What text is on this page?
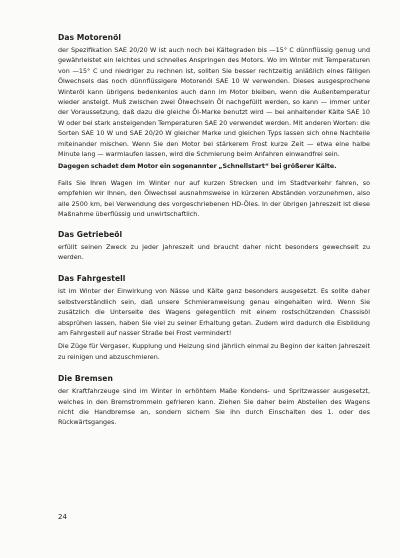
Das Motorenöl

der Spezifikation SAE 20/20 W ist auch noch bei Kältegraden bis —15° C dünnflüssig genug und gewährleistet ein leichtes und schnelles Anspringen des Motors. Wo im Winter mit Temperaturen von —15° C und niedriger zu rechnen ist, sollten Sie besser rechtzeitig anläßlich eines fälligen Ölwechsels das noch dünnflüssigere Motorenöl SAE 10 W verwenden. Dieses ausgesprochene Winteröl kann übrigens bedenkenlos auch dann im Motor bleiben, wenn die Außentemperatur wieder ansteigt. Muß zwischen zwei Ölwechseln Öl nachgefüllt werden, so kann — immer unter der Voraussetzung, daß dazu die gleiche Öl-Marke benutzt wird — bei anhaltender Kälte SAE 10 W oder bei stark ansteigenden Temperaturen SAE 20 verwendet werden. Mit anderen Worten: die Sorten SAE 10 W und SAE 20/20 W gleicher Marke und gleichen Typs lassen sich ohne Nachteile miteinander mischen. Wenn Sie den Motor bei stärkerem Frost kurze Zeit — etwa eine halbe Minute lang — warmlaufen lassen, wird die Schmierung beim Anfahren einwandfrei sein.

Dagegen schadet dem Motor ein sogenannter „Schnellstart“ bei größerer Kälte.

Falls Sie Ihren Wagen im Winter nur auf kurzen Strecken und im Stadtverkehr fahren, so empfehlen wir Ihnen, den Ölwechsel ausnahmsweise in kürzeren Abständen vorzunehmen, also alle 2500 km, bei Verwendung des vorgeschriebenen HD-Öles. In der übrigen Jahreszeit ist diese Maßnahme überflüssig und unwirtschaftlich.

Das Getriebeöl

erfüllt seinen Zweck zu jeder Jahreszeit und braucht daher nicht besonders gewechselt zu werden.

Das Fahrgestell

ist im Winter der Einwirkung von Nässe und Kälte ganz besonders ausgesetzt. Es sollte daher selbstverständlich sein, daß unsere Schmieranweisung genau eingehalten wird. Wenn Sie zusätzlich die Unterseite des Wagens gelegentlich mit einem rostschützenden Chassisöl absprühen lassen, haben Sie viel zu seiner Erhaltung getan. Zudem wird dadurch die Eisbildung am Fahrgestell auf nasser Straße bei Frost vermindert!

Die Züge für Vergaser, Kupplung und Heizung sind jährlich einmal zu Beginn der kalten Jahreszeit zu reinigen und abzuschmieren.

Die Bremsen

der Kraftfahrzeuge sind im Winter in erhöhtem Maße Kondens- und Spritzwasser ausgesetzt, welches in den Bremstrommeln gefrieren kann. Ziehen Sie daher beim Abstellen des Wagens nicht die Handbremse an, sondern sichern Sie ihn durch Einschalten des 1. oder des Rückwärtsganges.

24
